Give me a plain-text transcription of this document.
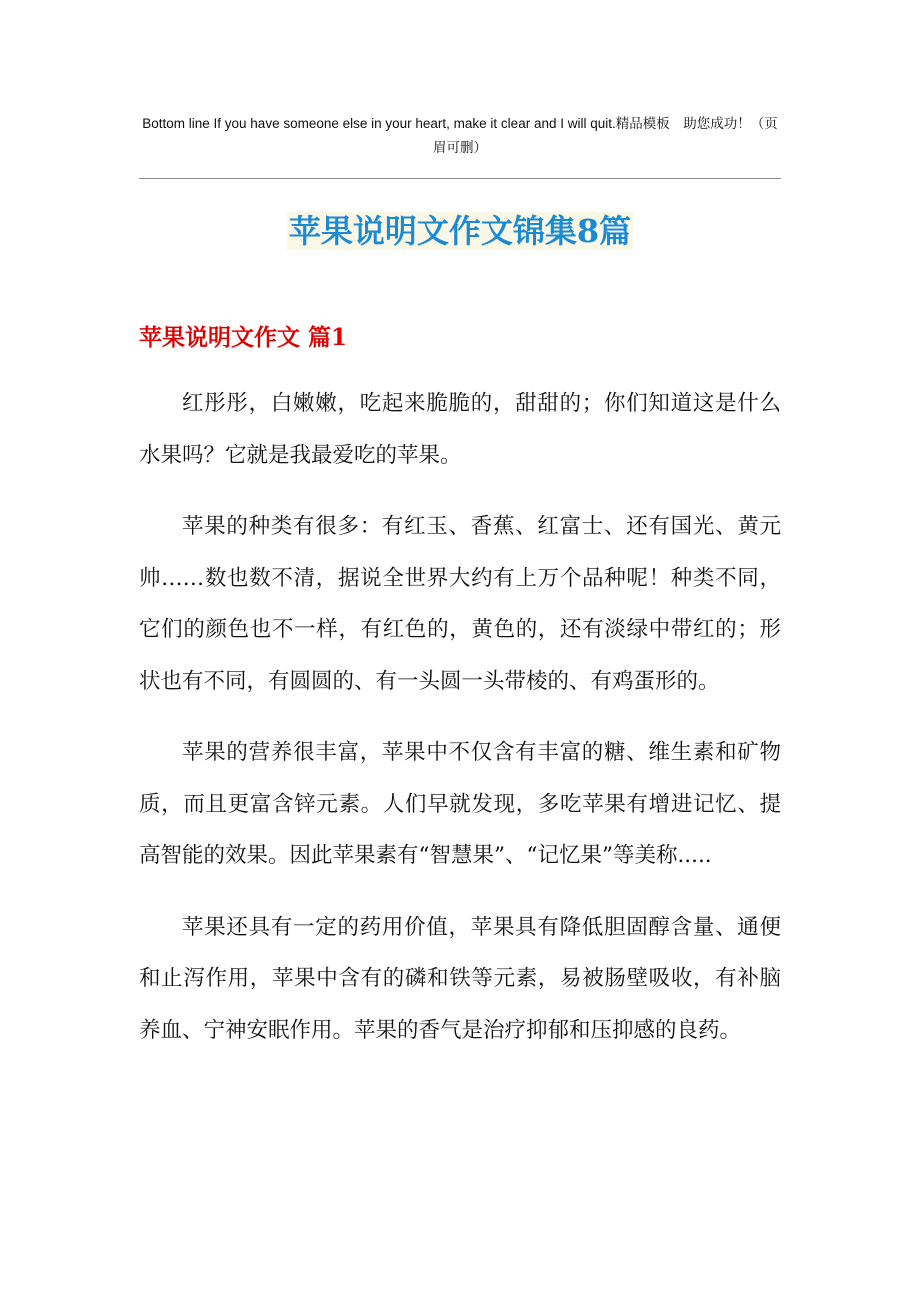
Bottom line If you have someone else in your heart, make it clear and I will quit.精品模板　助您成功！（页眉可删）
苹果说明文作文锦集8篇
苹果说明文作文 篇1

红彤彤，白嫩嫩，吃起来脆脆的，甜甜的；你们知道这是什么水果吗？它就是我最爱吃的苹果。

苹果的种类有很多：有红玉、香蕉、红富士、还有国光、黄元帅……数也数不清，据说全世界大约有上万个品种呢！种类不同，它们的颜色也不一样，有红色的，黄色的，还有淡绿中带红的；形状也有不同，有圆圆的、有一头圆一头带棱的、有鸡蛋形的。

苹果的营养很丰富，苹果中不仅含有丰富的糖、维生素和矿物质，而且更富含锌元素。人们早就发现，多吃苹果有增进记忆、提高智能的效果。因此苹果素有“智慧果”、“记忆果”等美称.....

苹果还具有一定的药用价值，苹果具有降低胆固醇含量、通便和止泻作用，苹果中含有的磷和铁等元素，易被肠壁吸收，有补脑养血、宁神安眠作用。苹果的香气是治疗抑郁和压抑感的良药。
